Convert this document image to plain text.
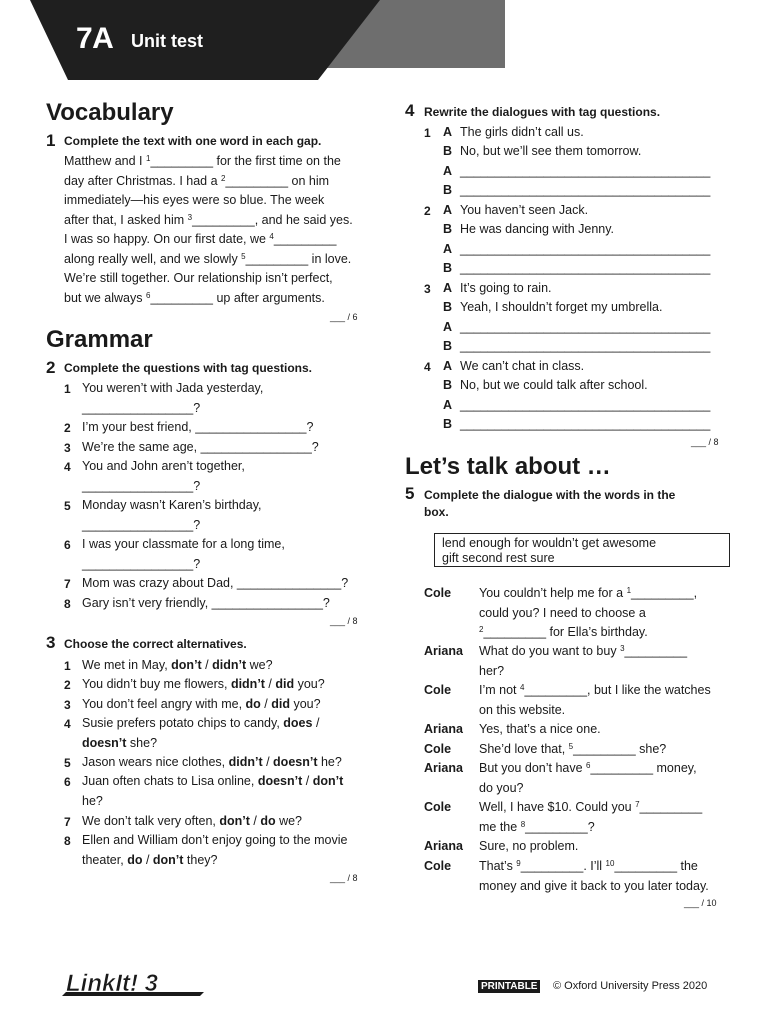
7A Unit test
Vocabulary
1 Complete the text with one word in each gap.
Matthew and I $^1$_________ for the first time on the
day after Christmas. I had a $^2$_________ on him
immediately—his eyes were so blue. The week
after that, I asked him $^3$_________, and he said yes.
I was so happy. On our first date, we $^4$_________
along really well, and we slowly $^5$_________ in love.
We’re still together. Our relationship isn’t perfect,
but we always $^6$_________ up after arguments.
___ / 6
Grammar
2 Complete the questions with tag questions.
1 You weren’t with Jada yesterday,
________________?
2 I’m your best friend, ________________?
3 We’re the same age, ________________?
4 You and John aren’t together,
________________?
5 Monday wasn’t Karen’s birthday,
________________?
6 I was your classmate for a long time,
________________?
7 Mom was crazy about Dad, _______________?
8 Gary isn’t very friendly, ________________?
___ / 8
3 Choose the correct alternatives.
1 We met in May, don’t / didn’t we?
2 You didn’t buy me flowers, didn’t / did you?
3 You don’t feel angry with me, do / did you?
4 Susie prefers potato chips to candy, does /
doesn’t she?
5 Jason wears nice clothes, didn’t / doesn’t he?
6 Juan often chats to Lisa online, doesn’t / don’t
he?
7 We don’t talk very often, don’t / do we?
8 Ellen and William don’t enjoy going to the movie
theater, do / don’t they?
___ / 8
4 Rewrite the dialogues with tag questions.
1 A The girls didn’t call us.
B No, but we’ll see them tomorrow.
A ____________________________________
B ____________________________________
2 A You haven’t seen Jack.
B He was dancing with Jenny.
A ____________________________________
B ____________________________________
3 A It’s going to rain.
B Yeah, I shouldn’t forget my umbrella.
A ____________________________________
B ____________________________________
4 A We can’t chat in class.
B No, but we could talk after school.
A ____________________________________
B ____________________________________
___ / 8
Let’s talk about …
5 Complete the dialogue with the words in the
box.
lend enough for wouldn’t get awesome
gift second rest sure
Cole You couldn’t help me for a $^1$_________,
could you? I need to choose a
$^2$_________ for Ella’s birthday.
Ariana What do you want to buy $^3$_________
her?
Cole I’m not $^4$_________, but I like the watches
on this website.
Ariana Yes, that’s a nice one.
Cole She’d love that, $^5$_________ she?
Ariana But you don’t have $^6$_________ money,
do you?
Cole Well, I have $10. Could you $^7$_________
me the $^8$_________?
Ariana Sure, no problem.
Cole That’s $^9$_________. I’ll $^{10}$_________ the
money and give it back to you later today.
___ / 10
LinkIt! 3	PRINTABLE © Oxford University Press 2020
